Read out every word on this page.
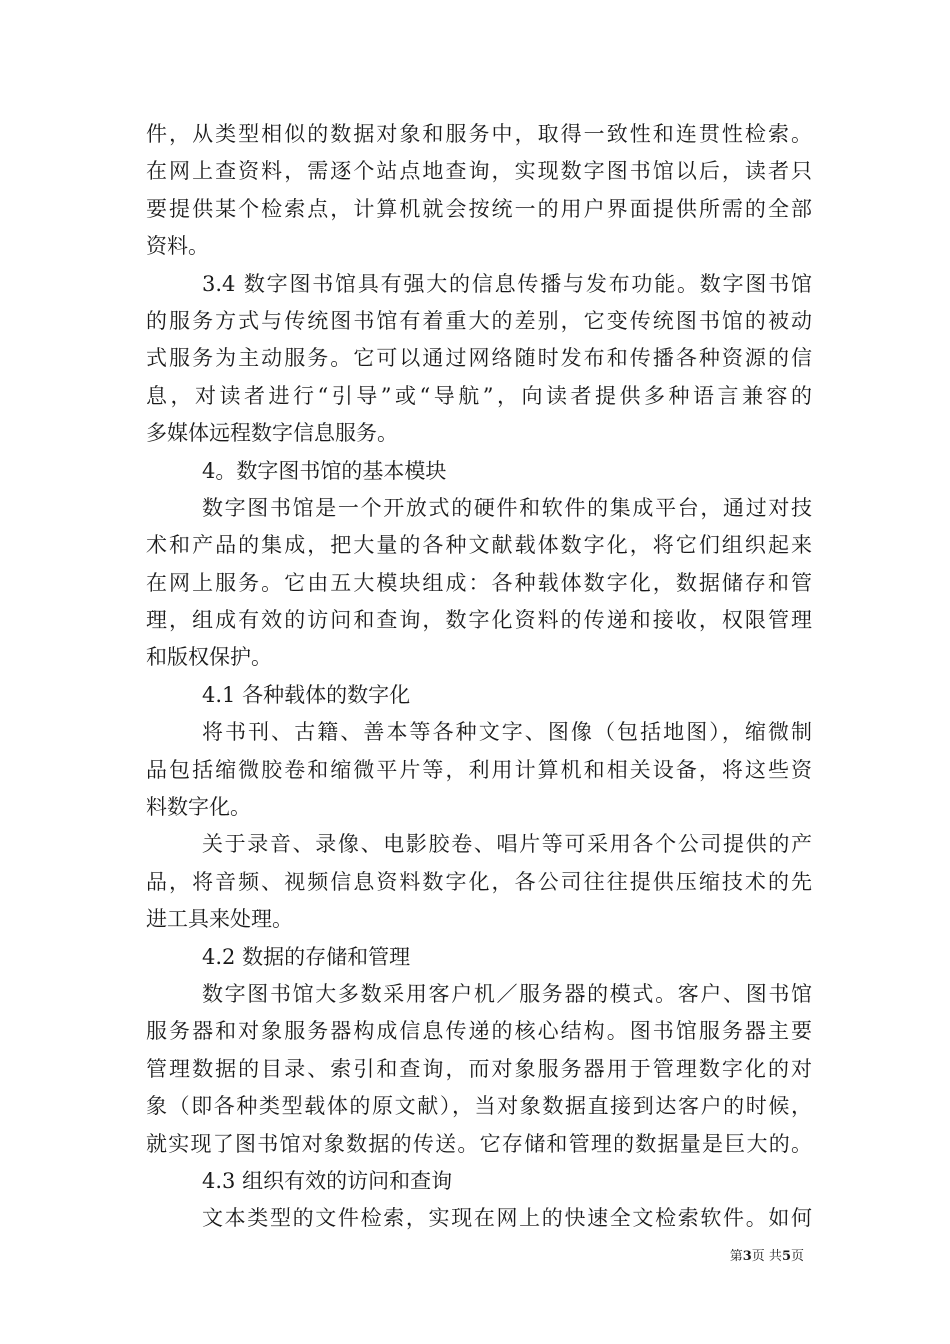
件，从类型相似的数据对象和服务中，取得一致性和连贯性检索。
在网上查资料，需逐个站点地查询，实现数字图书馆以后，读者只
要提供某个检索点，计算机就会按统一的用户界面提供所需的全部
资料。
3.4 数字图书馆具有强大的信息传播与发布功能。数字图书馆
的服务方式与传统图书馆有着重大的差别，它变传统图书馆的被动
式服务为主动服务。它可以通过网络随时发布和传播各种资源的信
息，对读者进行“引导”或“导航”，向读者提供多种语言兼容的
多媒体远程数字信息服务。
4。数字图书馆的基本模块
数字图书馆是一个开放式的硬件和软件的集成平台，通过对技
术和产品的集成，把大量的各种文献载体数字化，将它们组织起来
在网上服务。它由五大模块组成：各种载体数字化，数据储存和管
理，组成有效的访问和查询，数字化资料的传递和接收，权限管理
和版权保护。
4.1 各种载体的数字化
将书刊、古籍、善本等各种文字、图像（包括地图），缩微制
品包括缩微胶卷和缩微平片等，利用计算机和相关设备，将这些资
料数字化。
关于录音、录像、电影胶卷、唱片等可采用各个公司提供的产
品，将音频、视频信息资料数字化，各公司往往提供压缩技术的先
进工具来处理。
4.2 数据的存储和管理
数字图书馆大多数采用客户机／服务器的模式。客户、图书馆
服务器和对象服务器构成信息传递的核心结构。图书馆服务器主要
管理数据的目录、索引和查询，而对象服务器用于管理数字化的对
象（即各种类型载体的原文献），当对象数据直接到达客户的时候，
就实现了图书馆对象数据的传送。它存储和管理的数据量是巨大的。
4.3 组织有效的访问和查询
文本类型的文件检索，实现在网上的快速全文检索软件。如何
第3页 共5页
